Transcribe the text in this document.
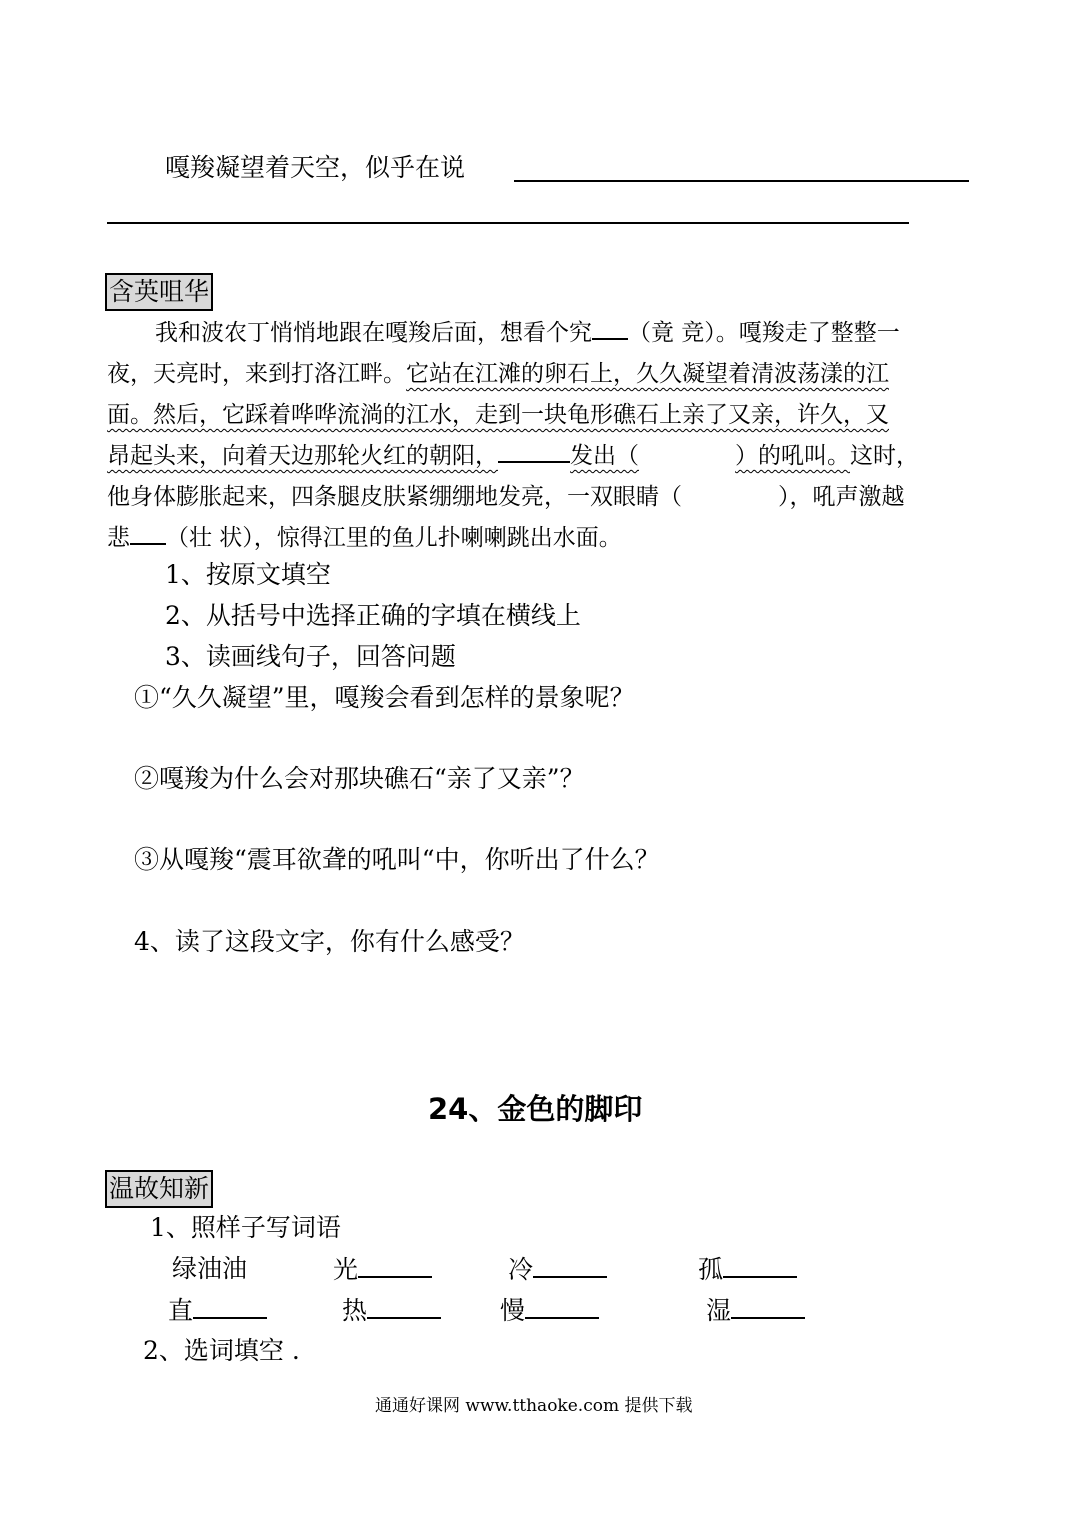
嘎羧凝望着天空，似乎在说
含英咀华
我和波农丁悄悄地跟在嘎羧后面，想看个究 （竟 竞）。嘎羧走了整整一
夜，天亮时，来到打洛江畔。它站在江滩的卵石上，久久凝望着清波荡漾的江
面。然后，它踩着哗哗流淌的江水，走到一块龟形礁石上亲了又亲，许久，又
昂起头来，向着天边那轮火红的朝阳，	发出（	）的吼叫。这时，
他身体膨胀起来，四条腿皮肤紧绷绷地发亮，一双眼睛（	），吼声激越
悲 （壮 状），惊得江里的鱼儿扑喇喇跳出水面。
1、按原文填空
2、从括号中选择正确的字填在横线上
3、读画线句子，回答问题
①“久久凝望”里，嘎羧会看到怎样的景象呢？
②嘎羧为什么会对那块礁石“亲了又亲”？
③从嘎羧“震耳欲聋的吼叫“中，你听出了什么？
4、读了这段文字，你有什么感受？
24、金色的脚印
温故知新
1、照样子写词语
绿油油	光	冷	孤
直	热	慢	湿
2、选词填空 .
通通好课网 www.tthaoke.com 提供下载
